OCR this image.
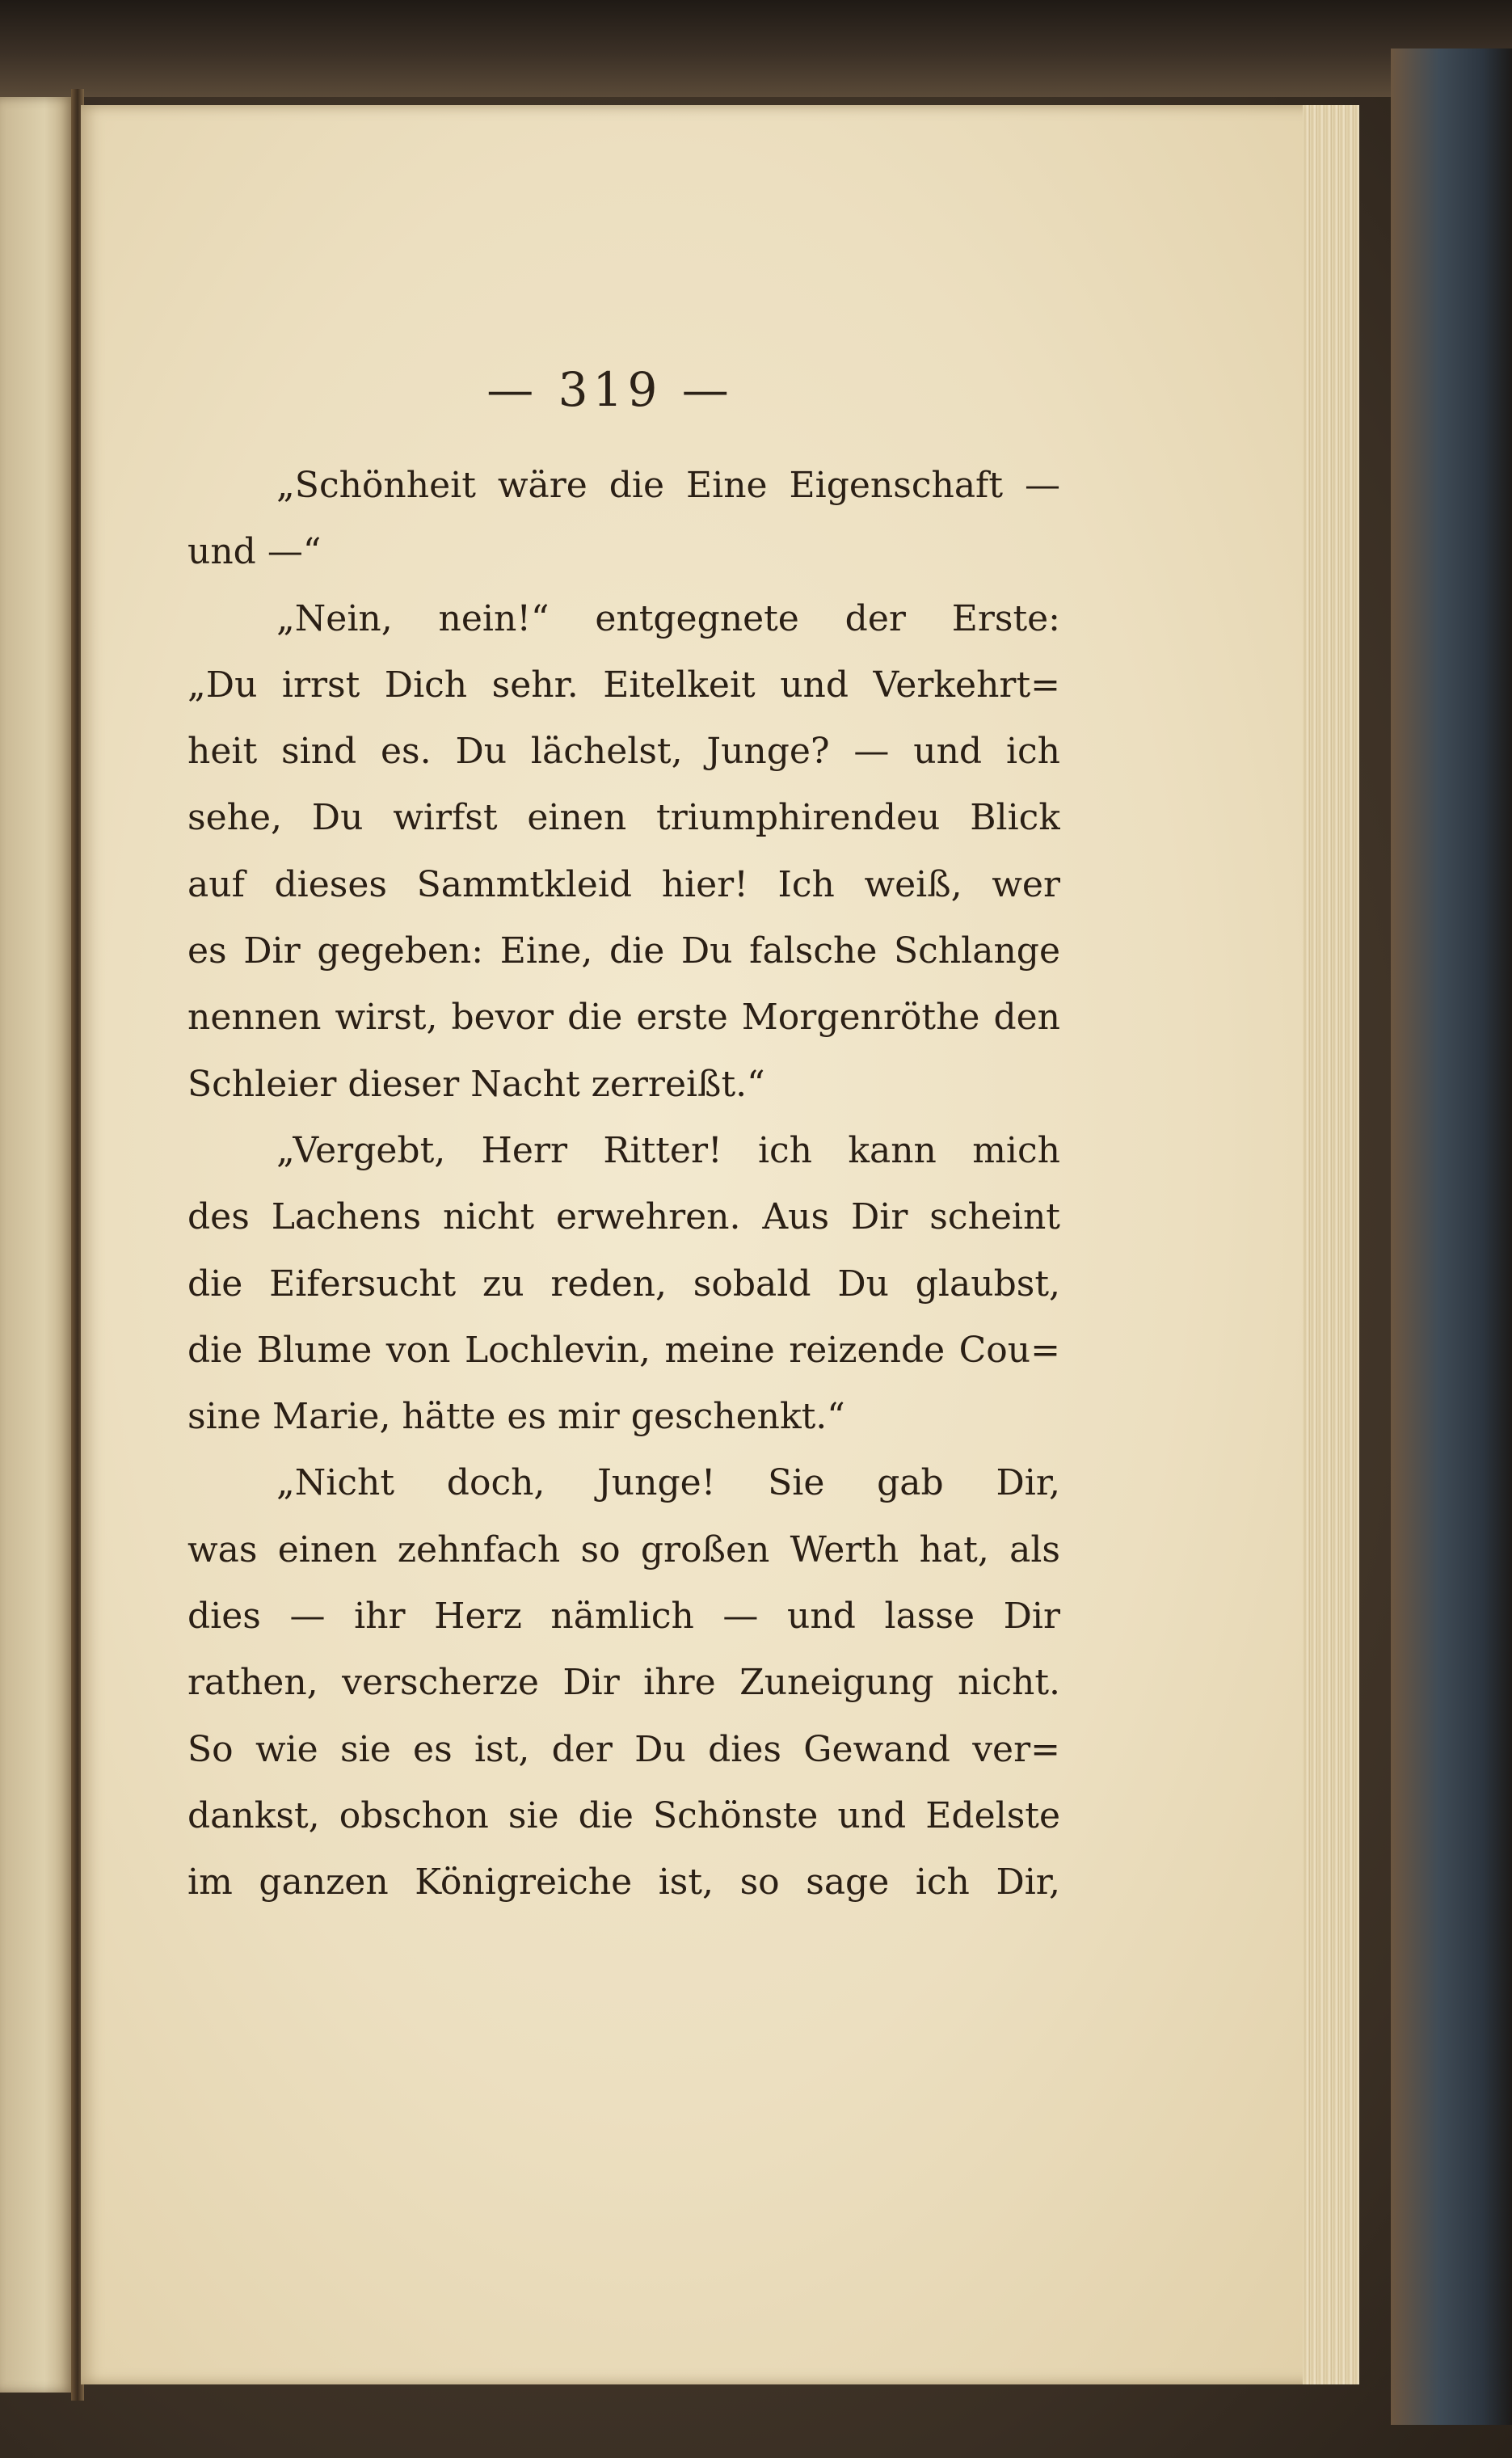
— 319 —
„Schönheit wäre die Eine Eigenschaft —
und —“
„Nein, nein!“ entgegnete der Erste:
„Du irrst Dich sehr. Eitelkeit und Verkehrt=
heit sind es. Du lächelst, Junge? — und ich
sehe, Du wirfst einen triumphirendeu Blick
auf dieses Sammtkleid hier! Ich weiß, wer
es Dir gegeben: Eine, die Du falsche Schlange
nennen wirst, bevor die erste Morgenröthe den
Schleier dieser Nacht zerreißt.“
„Vergebt, Herr Ritter! ich kann mich
des Lachens nicht erwehren. Aus Dir scheint
die Eifersucht zu reden, sobald Du glaubst,
die Blume von Lochlevin, meine reizende Cou=
sine Marie, hätte es mir geschenkt.“
„Nicht doch, Junge! Sie gab Dir,
was einen zehnfach so großen Werth hat, als
dies — ihr Herz nämlich — und lasse Dir
rathen, verscherze Dir ihre Zuneigung nicht.
So wie sie es ist, der Du dies Gewand ver=
dankst, obschon sie die Schönste und Edelste
im ganzen Königreiche ist, so sage ich Dir,
